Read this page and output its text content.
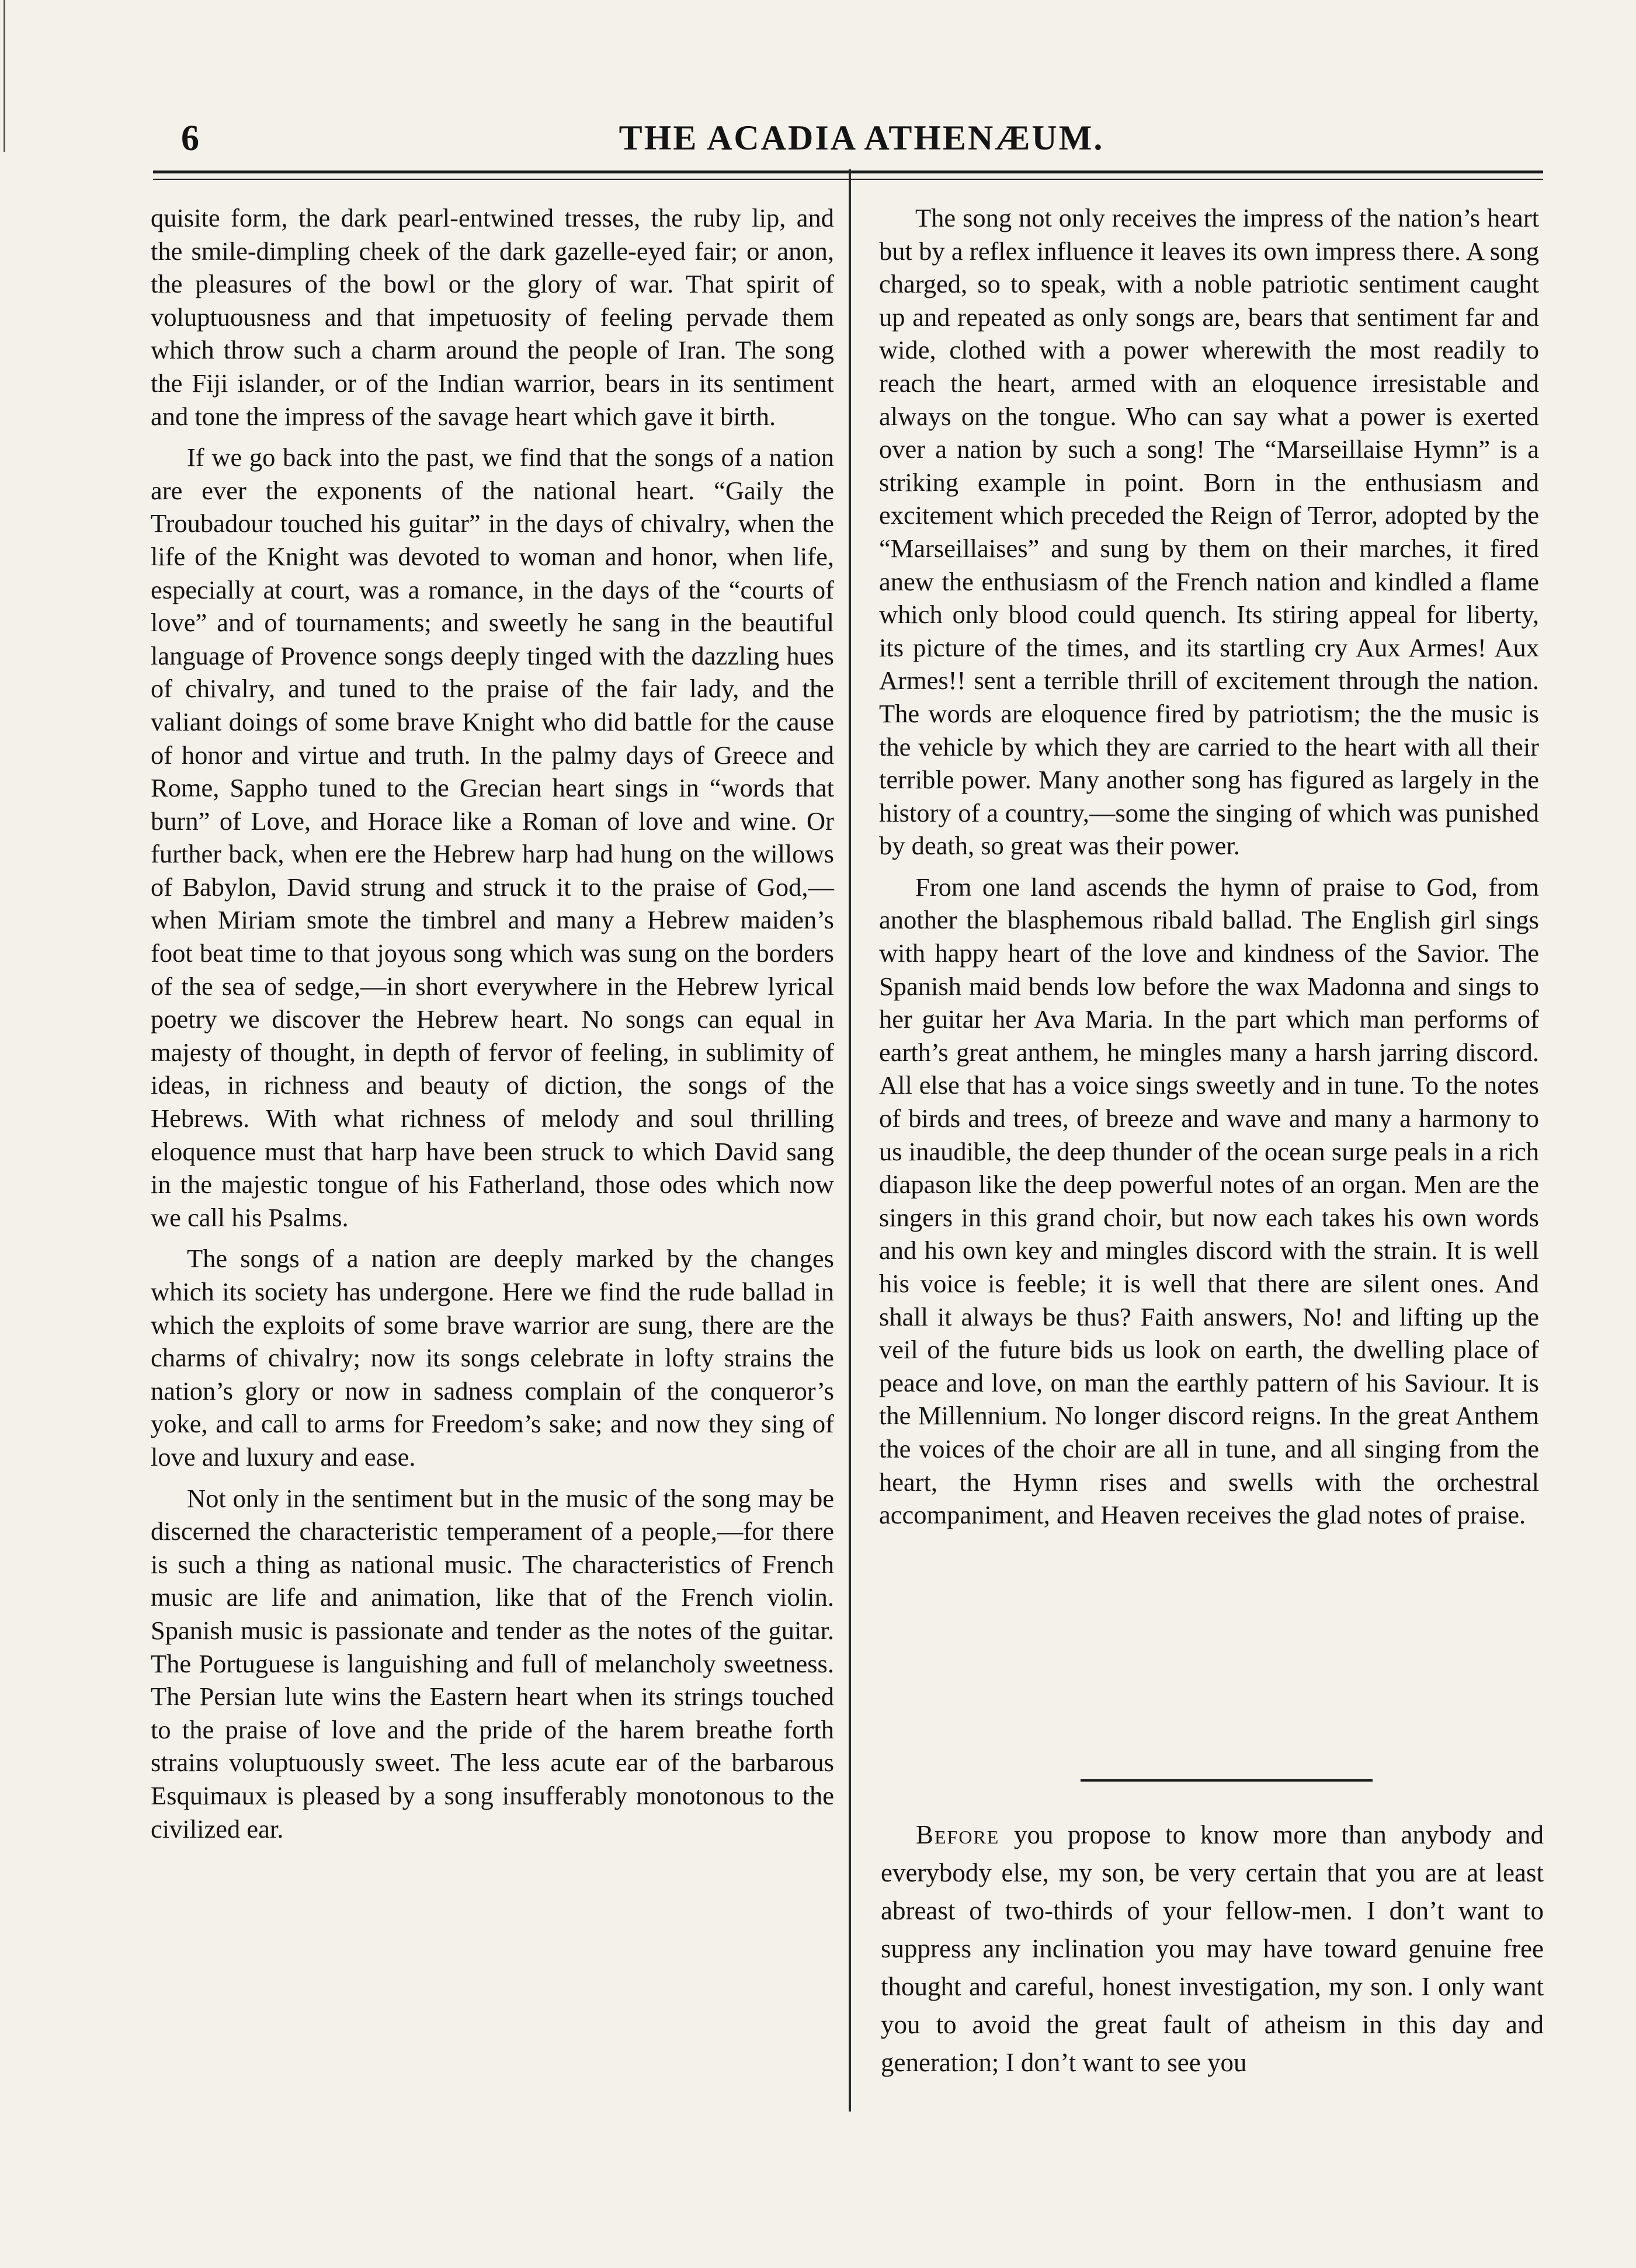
6	THE ACADIA ATHENÆUM.

quisite form, the dark pearl-entwined tresses, the ruby lip, and the smile-dimpling cheek of the dark gazelle-eyed fair; or anon, the pleasures of the bowl or the glory of war. That spirit of voluptuousness and that impetuosity of feeling pervade them which throw such a charm around the people of Iran. The song the Fiji islander, or of the Indian warrior, bears in its sentiment and tone the impress of the savage heart which gave it birth.

If we go back into the past, we find that the songs of a nation are ever the exponents of the national heart. “Gaily the Troubadour touched his guitar” in the days of chivalry, when the life of the Knight was devoted to woman and honor, when life, especially at court, was a romance, in the days of the “courts of love” and of tournaments; and sweetly he sang in the beautiful language of Provence songs deeply tinged with the dazzling hues of chivalry, and tuned to the praise of the fair lady, and the valiant doings of some brave Knight who did battle for the cause of honor and virtue and truth. In the palmy days of Greece and Rome, Sappho tuned to the Grecian heart sings in “words that burn” of Love, and Horace like a Roman of love and wine. Or further back, when ere the Hebrew harp had hung on the willows of Babylon, David strung and struck it to the praise of God,—when Miriam smote the timbrel and many a Hebrew maiden’s foot beat time to that joyous song which was sung on the borders of the sea of sedge,—in short everywhere in the Hebrew lyrical poetry we discover the Hebrew heart. No songs can equal in majesty of thought, in depth of fervor of feeling, in sublimity of ideas, in richness and beauty of diction, the songs of the Hebrews. With what richness of melody and soul thrilling eloquence must that harp have been struck to which David sang in the majestic tongue of his Fatherland, those odes which now we call his Psalms.

The songs of a nation are deeply marked by the changes which its society has undergone. Here we find the rude ballad in which the exploits of some brave warrior are sung, there are the charms of chivalry; now its songs celebrate in lofty strains the nation’s glory or now in sadness complain of the conqueror’s yoke, and call to arms for Freedom’s sake; and now they sing of love and luxury and ease.

Not only in the sentiment but in the music of the song may be discerned the characteristic temperament of a people,—for there is such a thing as national music. The characteristics of French music are life and animation, like that of the French violin. Spanish music is passionate and tender as the notes of the guitar. The Portuguese is languishing and full of melancholy sweetness. The Persian lute wins the Eastern heart when its strings touched to the praise of love and the pride of the harem breathe forth strains voluptuously sweet. The less acute ear of the barbarous Esquimaux is pleased by a song insufferably monotonous to the civilized ear.

The song not only receives the impress of the nation’s heart but by a reflex influence it leaves its own impress there. A song charged, so to speak, with a noble patriotic sentiment caught up and repeated as only songs are, bears that sentiment far and wide, clothed with a power wherewith the most readily to reach the heart, armed with an eloquence irresistable and always on the tongue. Who can say what a power is exerted over a nation by such a song! The “Marseillaise Hymn” is a striking example in point. Born in the enthusiasm and excitement which preceded the Reign of Terror, adopted by the “Marseillaises” and sung by them on their marches, it fired anew the enthusiasm of the French nation and kindled a flame which only blood could quench. Its stiring appeal for liberty, its picture of the times, and its startling cry Aux Armes! Aux Armes!! sent a terrible thrill of excitement through the nation. The words are eloquence fired by patriotism; the the music is the vehicle by which they are carried to the heart with all their terrible power. Many another song has figured as largely in the history of a country,—some the singing of which was punished by death, so great was their power.

From one land ascends the hymn of praise to God, from another the blasphemous ribald ballad. The English girl sings with happy heart of the love and kindness of the Savior. The Spanish maid bends low before the wax Madonna and sings to her guitar her Ava Maria. In the part which man performs of earth’s great anthem, he mingles many a harsh jarring discord. All else that has a voice sings sweetly and in tune. To the notes of birds and trees, of breeze and wave and many a harmony to us inaudible, the deep thunder of the ocean surge peals in a rich diapason like the deep powerful notes of an organ. Men are the singers in this grand choir, but now each takes his own words and his own key and mingles discord with the strain. It is well his voice is feeble; it is well that there are silent ones. And shall it always be thus? Faith answers, No! and lifting up the veil of the future bids us look on earth, the dwelling place of peace and love, on man the earthly pattern of his Saviour. It is the Millennium. No longer discord reigns. In the great Anthem the voices of the choir are all in tune, and all singing from the heart, the Hymn rises and swells with the orchestral accompaniment, and Heaven receives the glad notes of praise.

Before you propose to know more than anybody and everybody else, my son, be very certain that you are at least abreast of two-thirds of your fellow-men. I don’t want to suppress any inclination you may have toward genuine free thought and careful, honest investigation, my son. I only want you to avoid the great fault of atheism in this day and generation; I don’t want to see you
